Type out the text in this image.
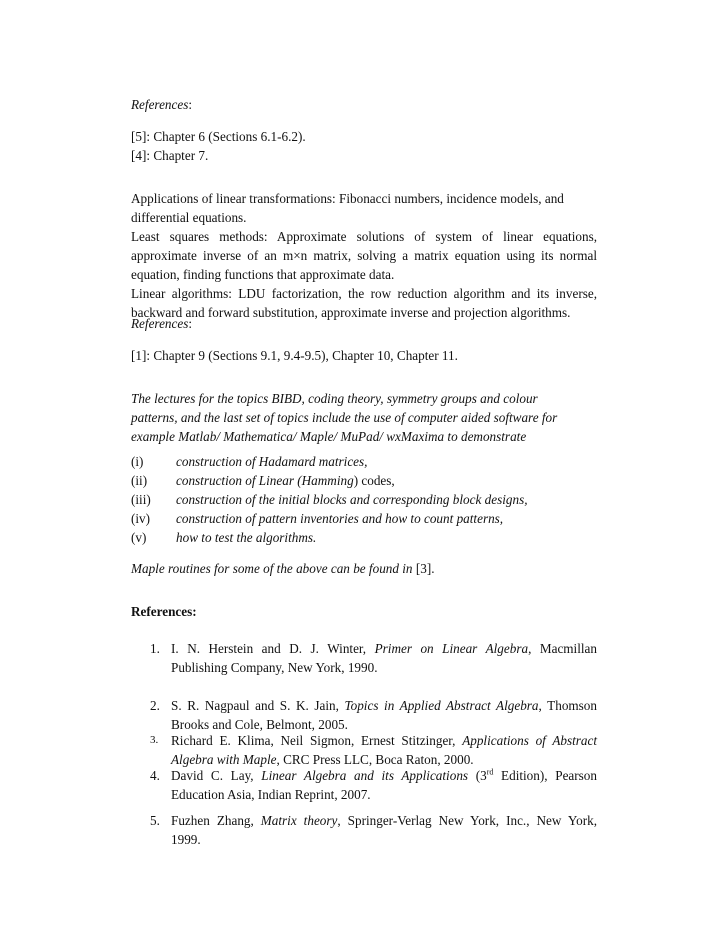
References:

[5]: Chapter 6 (Sections 6.1-6.2).

[4]: Chapter 7.

Applications of linear transformations: Fibonacci numbers, incidence models, and

differential equations.

Least squares methods: Approximate solutions of system of linear equations,

approximate inverse of an m×n matrix, solving a matrix equation using its normal

equation, finding functions that approximate data.

Linear algorithms: LDU factorization, the row reduction algorithm and its inverse,

backward and forward substitution, approximate inverse and projection algorithms.

References:

[1]: Chapter 9 (Sections 9.1, 9.4-9.5), Chapter 10, Chapter 11.

The lectures for the topics BIBD, coding theory, symmetry groups and colour

patterns, and the last set of topics include the use of computer aided software for

example Matlab/ Mathematica/ Maple/ MuPad/ wxMaxima to demonstrate

(i) construction of Hadamard matrices,
(ii) construction of Linear (Hamming) codes,
(iii) construction of the initial blocks and corresponding block designs,
(iv) construction of pattern inventories and how to count patterns,
(v) how to test the algorithms.

Maple routines for some of the above can be found in [3].

References:

1. I. N. Herstein and D. J. Winter, Primer on Linear Algebra, Macmillan

Publishing Company, New York, 1990.

2. S. R. Nagpaul and S. K. Jain, Topics in Applied Abstract Algebra, Thomson

Brooks and Cole, Belmont, 2005.

3. Richard E. Klima, Neil Sigmon, Ernest Stitzinger, Applications of Abstract

Algebra with Maple, CRC Press LLC, Boca Raton, 2000.

4. David C. Lay, Linear Algebra and its Applications (3rd Edition), Pearson

Education Asia, Indian Reprint, 2007.

5. Fuzhen Zhang, Matrix theory, Springer-Verlag New York, Inc., New York,

1999.
